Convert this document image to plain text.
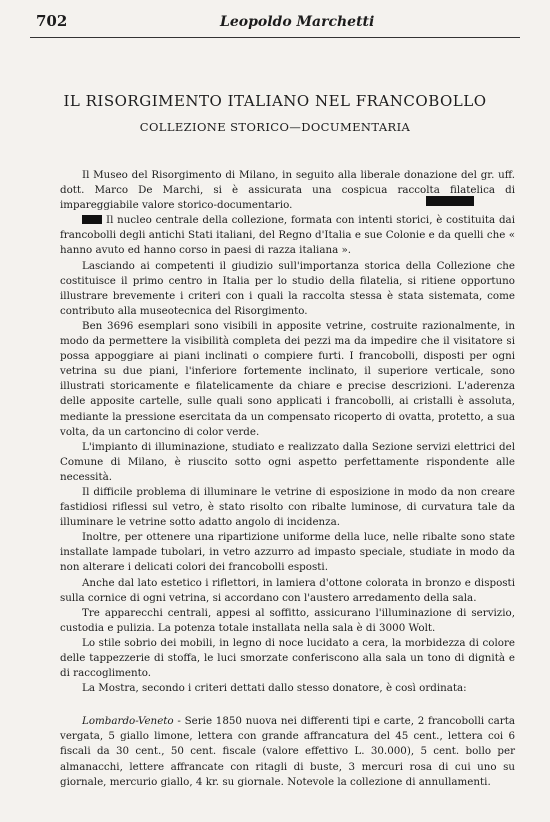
702	Leopoldo Marchetti
IL RISORGIMENTO ITALIANO NEL FRANCOBOLLO
COLLEZIONE STORICO—DOCUMENTARIA

Il Museo del Risorgimento di Milano, in seguito alla liberale donazione del gr. uff. dott. Marco De Marchi, si è assicurata una cospicua raccolta filatelica di impareggiabile valore storico-documentario.

Il nucleo centrale della collezione, formata con intenti storici, è costituita dai francobolli degli antichi Stati italiani, del Regno d'Italia e sue Colonie e da quelli che « hanno avuto ed hanno corso in paesi di razza italiana ».

Lasciando ai competenti il giudizio sull'importanza storica della Collezione che costituisce il primo centro in Italia per lo studio della filatelia, si ritiene opportuno illustrare brevemente i criteri con i quali la raccolta stessa è stata sistemata, come contributo alla museotecnica del Risorgimento.

Ben 3696 esemplari sono visibili in apposite vetrine, costruite razionalmente, in modo da permettere la visibilità completa dei pezzi ma da impedire che il visitatore si possa appoggiare ai piani inclinati o compiere furti. I francobolli, disposti per ogni vetrina su due piani, l'inferiore fortemente inclinato, il superiore verticale, sono illustrati storicamente e filatelicamente da chiare e precise descrizioni. L'aderenza delle apposite cartelle, sulle quali sono applicati i francobolli, ai cristalli è assoluta, mediante la pressione esercitata da un compensato ricoperto di ovatta, protetto, a sua volta, da un cartoncino di color verde.

L'impianto di illuminazione, studiato e realizzato dalla Sezione servizi elettrici del Comune di Milano, è riuscito sotto ogni aspetto perfettamente rispondente alle necessità.

Il difficile problema di illuminare le vetrine di esposizione in modo da non creare fastidiosi riflessi sul vetro, è stato risolto con ribalte luminose, di curvatura tale da illuminare le vetrine sotto adatto angolo di incidenza.

Inoltre, per ottenere una ripartizione uniforme della luce, nelle ribalte sono state installate lampade tubolari, in vetro azzurro ad impasto speciale, studiate in modo da non alterare i delicati colori dei francobolli esposti.

Anche dal lato estetico i riflettori, in lamiera d'ottone colorata in bronzo e disposti sulla cornice di ogni vetrina, si accordano con l'austero arredamento della sala.

Tre apparecchi centrali, appesi al soffitto, assicurano l'illuminazione di servizio, custodia e pulizia. La potenza totale installata nella sala è di 3000 Wolt.

Lo stile sobrio dei mobili, in legno di noce lucidato a cera, la morbidezza di colore delle tappezzerie di stoffa, le luci smorzate conferiscono alla sala un tono di dignità e di raccoglimento.

La Mostra, secondo i criteri dettati dallo stesso donatore, è così ordinata:

Lombardo-Veneto - Serie 1850 nuova nei differenti tipi e carte, 2 francobolli carta vergata, 5 giallo limone, lettera con grande affrancatura del 45 cent., lettera coi 6 fiscali da 30 cent., 50 cent. fiscale (valore effettivo L. 30.000), 5 cent. bollo per almanacchi, lettere affrancate con ritagli di buste, 3 mercuri rosa di cui uno su giornale, mercurio giallo, 4 kr. su giornale. Notevole la collezione di annullamenti.
